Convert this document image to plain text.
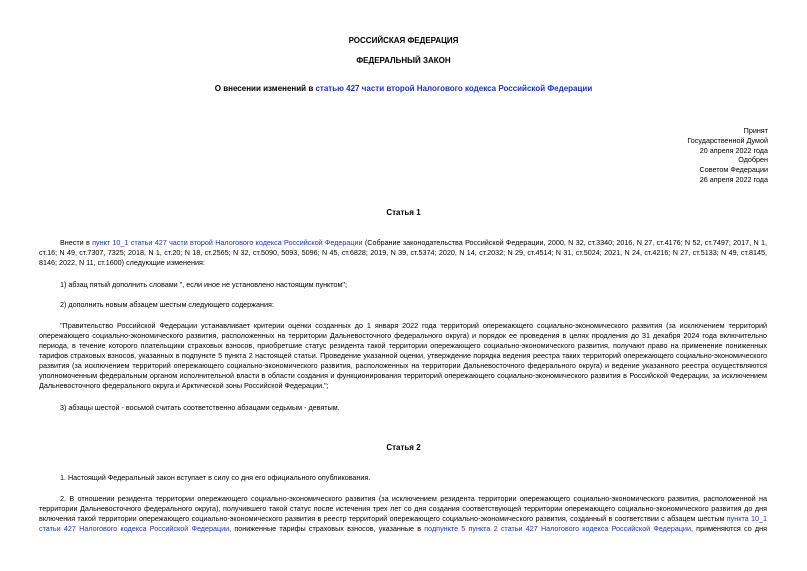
РОССИЙСКАЯ ФЕДЕРАЦИЯ
ФЕДЕРАЛЬНЫЙ ЗАКОН
О внесении изменений в статью 427 части второй Налогового кодекса Российской Федерации
Принят
Государственной Думой
20 апреля 2022 года
Одобрен
Советом Федерации
26 апреля 2022 года
Статья 1
Внести в пункт 10_1 статьи 427 части второй Налогового кодекса Российской Федерации (Собрание законодательства Российской Федерации, 2000, N 32, ст.3340; 2016, N 27, ст.4176; N 52, ст.7497; 2017, N 1, ст.16; N 49, ст.7307, 7325; 2018, N 1, ст.20; N 18, ст.2565; N 32, ст.5090, 5093, 5096; N 45, ст.6828; 2019, N 39, ст.5374; 2020, N 14, ст.2032; N 29, ст.4514; N 31, ст.5024; 2021, N 24, ст.4216; N 27, ст.5133; N 49, ст.8145, 8146; 2022, N 11, ст.1600) следующие изменения:
1) абзац пятый дополнить словами ", если иное не установлено настоящим пунктом";
2) дополнить новым абзацем шестым следующего содержания:
"Правительство Российской Федерации устанавливает критерии оценки созданных до 1 января 2022 года территорий опережающего социально-экономического развития (за исключением территорий опережающего социально-экономического развития, расположенных на территории Дальневосточного федерального округа) и порядок ее проведения в целях продления до 31 декабря 2024 года включительно периода, в течение которого плательщики страховых взносов, приобретшие статус резидента такой территории опережающего социально-экономического развития, получают право на применение пониженных тарифов страховых взносов, указанных в подпункте 5 пункта 2 настоящей статьи. Проведение указанной оценки, утверждение порядка ведения реестра таких территорий опережающего социально-экономического развития (за исключением территорий опережающего социально-экономического развития, расположенных на территории Дальневосточного федерального округа) и ведение указанного реестра осуществляются уполномоченным федеральным органом исполнительной власти в области создания и функционирования территорий опережающего социально-экономического развития в Российской Федерации, за исключением Дальневосточного федерального округа и Арктической зоны Российской Федерации.";
3) абзацы шестой - восьмой считать соответственно абзацами седьмым - девятым.
Статья 2
1. Настоящий Федеральный закон вступает в силу со дня его официального опубликования.
2. В отношении резидента территории опережающего социально-экономического развития (за исключением резидента территории опережающего социально-экономического развития, расположенной на территории Дальневосточного федерального округа), получившего такой статус после истечения трех лет со дня создания соответствующей территории опережающего социально-экономического развития до дня включения такой территории опережающего социально-экономического развития в реестр территорий опережающего социально-экономического развития, созданный в соответствии с абзацем шестым пункта 10_1 статьи 427 Налогового кодекса Российской Федерации, пониженные тарифы страховых взносов, указанные в подпункте 5 пункта 2 статьи 427 Налогового кодекса Российской Федерации, применяются со дня
